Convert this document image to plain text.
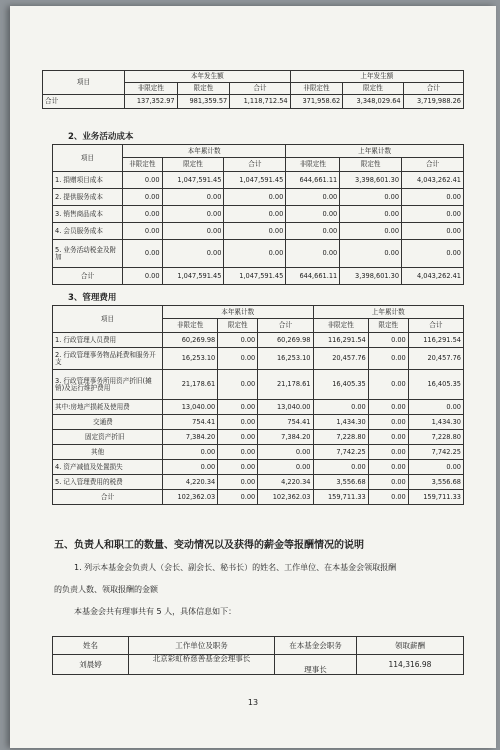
项目	本年发生额			上年发生额		
	非限定性	限定性	合计	非限定性	限定性	合计
合计	137,352.97	981,359.57	1,118,712.54	371,958.62	3,348,029.64	3,719,988.26
2、业务活动成本
项目	本年累计数			上年累计数		
	非限定性	限定性	合计	非限定性	限定性	合计
1. 捐赠项目成本	0.00	1,047,591.45	1,047,591.45	644,661.11	3,398,601.30	4,043,262.41
2. 提供服务成本	0.00	0.00	0.00	0.00	0.00	0.00
3. 销售商品成本	0.00	0.00	0.00	0.00	0.00	0.00
4. 会员服务成本	0.00	0.00	0.00	0.00	0.00	0.00
5. 业务活动税金及附加	0.00	0.00	0.00	0.00	0.00	0.00
合计	0.00	1,047,591.45	1,047,591.45	644,661.11	3,398,601.30	4,043,262.41
3、管理费用
项目	本年累计数			上年累计数		
	非限定性	限定性	合计	非限定性	限定性	合计
1. 行政管理人员费用	60,269.98	0.00	60,269.98	116,291.54	0.00	116,291.54
2. 行政管理事务物品耗费和服务开支	16,253.10	0.00	16,253.10	20,457.76	0.00	20,457.76
3. 行政管理事务所用资产折旧(摊销)及运行维护费用	21,178.61	0.00	21,178.61	16,405.35	0.00	16,405.35
其中:房地产损耗及使用费	13,040.00	0.00	13,040.00	0.00	0.00	0.00
交通费	754.41	0.00	754.41	1,434.30	0.00	1,434.30
固定资产折旧	7,384.20	0.00	7,384.20	7,228.80	0.00	7,228.80
其他	0.00	0.00	0.00	7,742.25	0.00	7,742.25
4. 资产减值及处置损失	0.00	0.00	0.00	0.00	0.00	0.00
5. 记入管理费用的税费	4,220.34	0.00	4,220.34	3,556.68	0.00	3,556.68
合计	102,362.03	0.00	102,362.03	159,711.33	0.00	159,711.33
五、负责人和职工的数量、变动情况以及获得的薪金等报酬情况的说明
1. 列示本基金会负责人（会长、副会长、秘书长）的姓名、工作单位、在本基金会领取报酬
的负责人数、领取报酬的金额
本基金会共有理事共有 5 人，具体信息如下：
姓名	工作单位及职务	在本基金会职务	领取薪酬
刘晨婷	北京彩虹桥慈善基金会理事长	理事长	114,316.98
13
